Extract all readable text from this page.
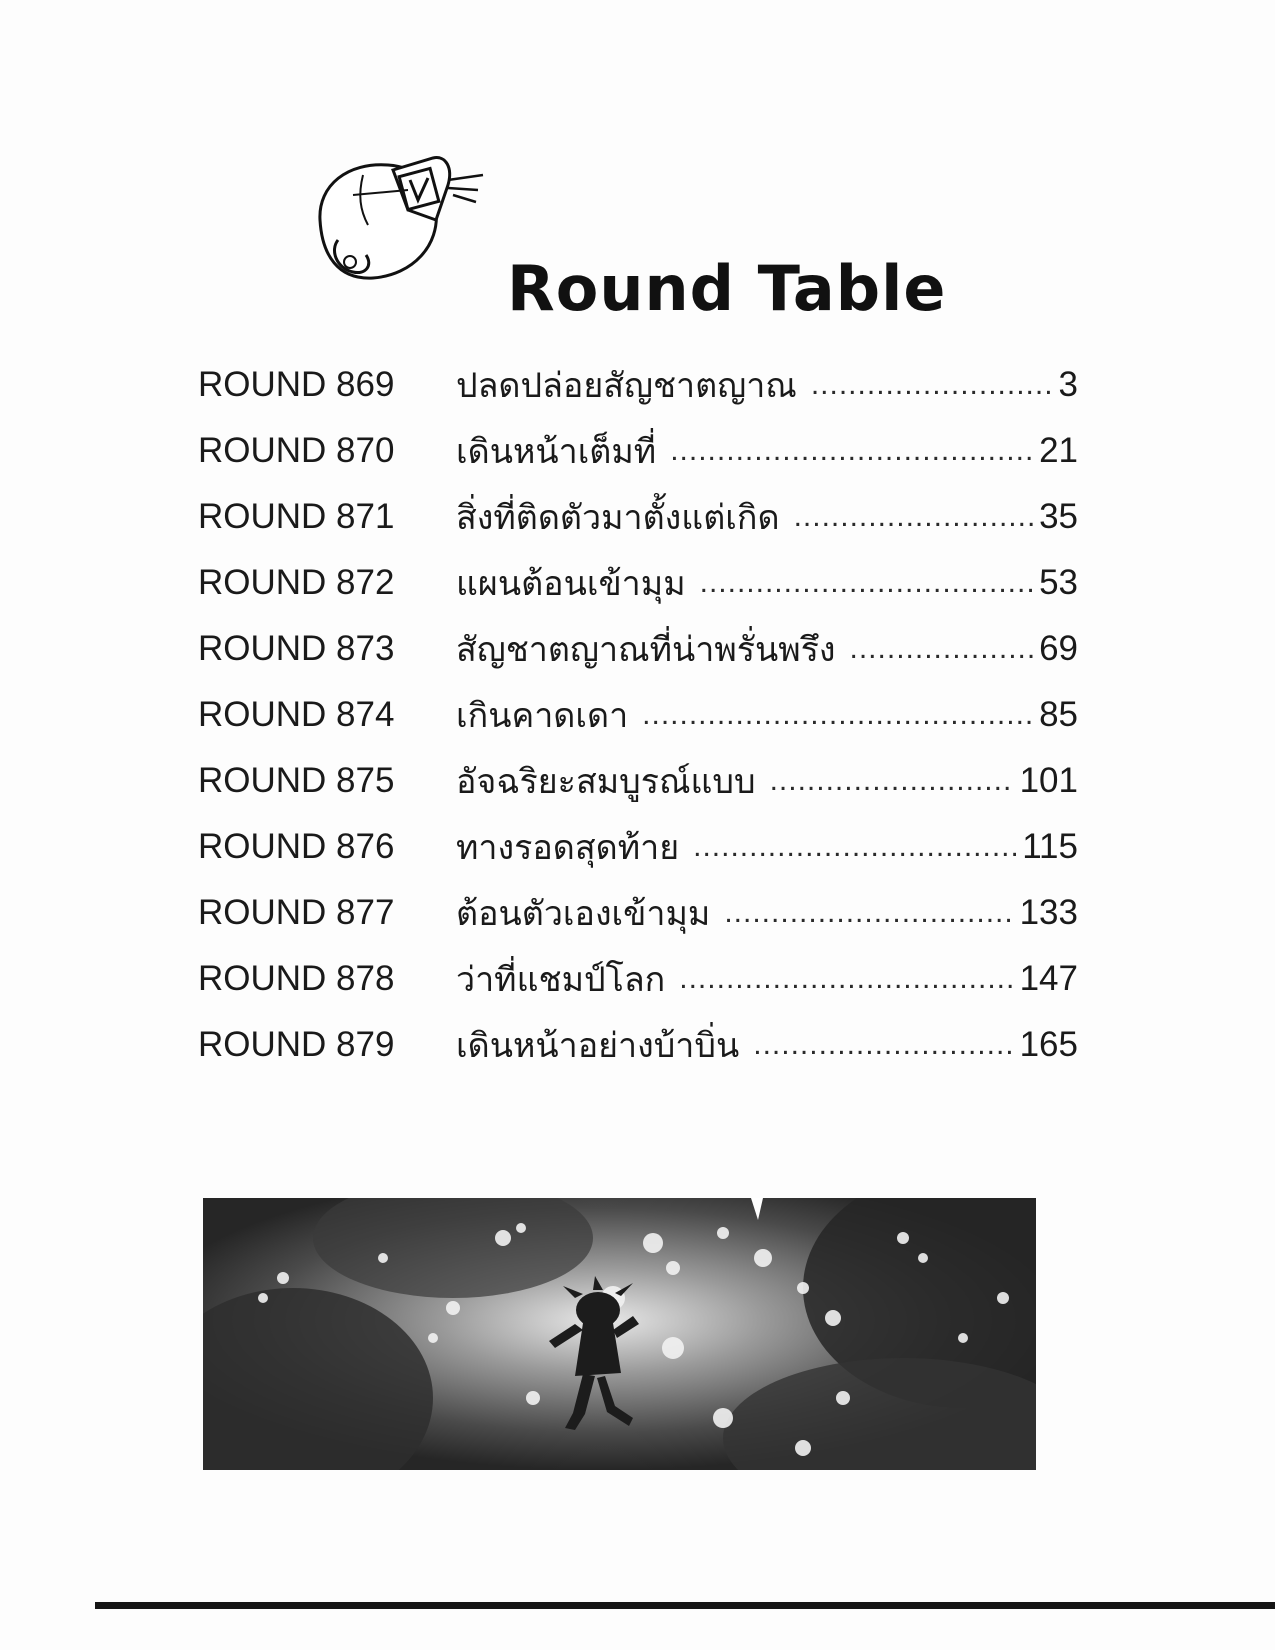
Round Table
ROUND 869	ปลดปล่อยสัญชาตญาณ .....	3
ROUND 870	เดินหน้าเต็มที่ .....	21
ROUND 871	สิ่งที่ติดตัวมาตั้งแต่เกิด .....	35
ROUND 872	แผนต้อนเข้ามุม .....	53
ROUND 873	สัญชาตญาณที่น่าพรั่นพรึง .....	69
ROUND 874	เกินคาดเดา .....	85
ROUND 875	อัจฉริยะสมบูรณ์แบบ .....	101
ROUND 876	ทางรอดสุดท้าย .....	115
ROUND 877	ต้อนตัวเองเข้ามุม .....	133
ROUND 878	ว่าที่แชมป์โลก .....	147
ROUND 879	เดินหน้าอย่างบ้าบิ่น .....	165
